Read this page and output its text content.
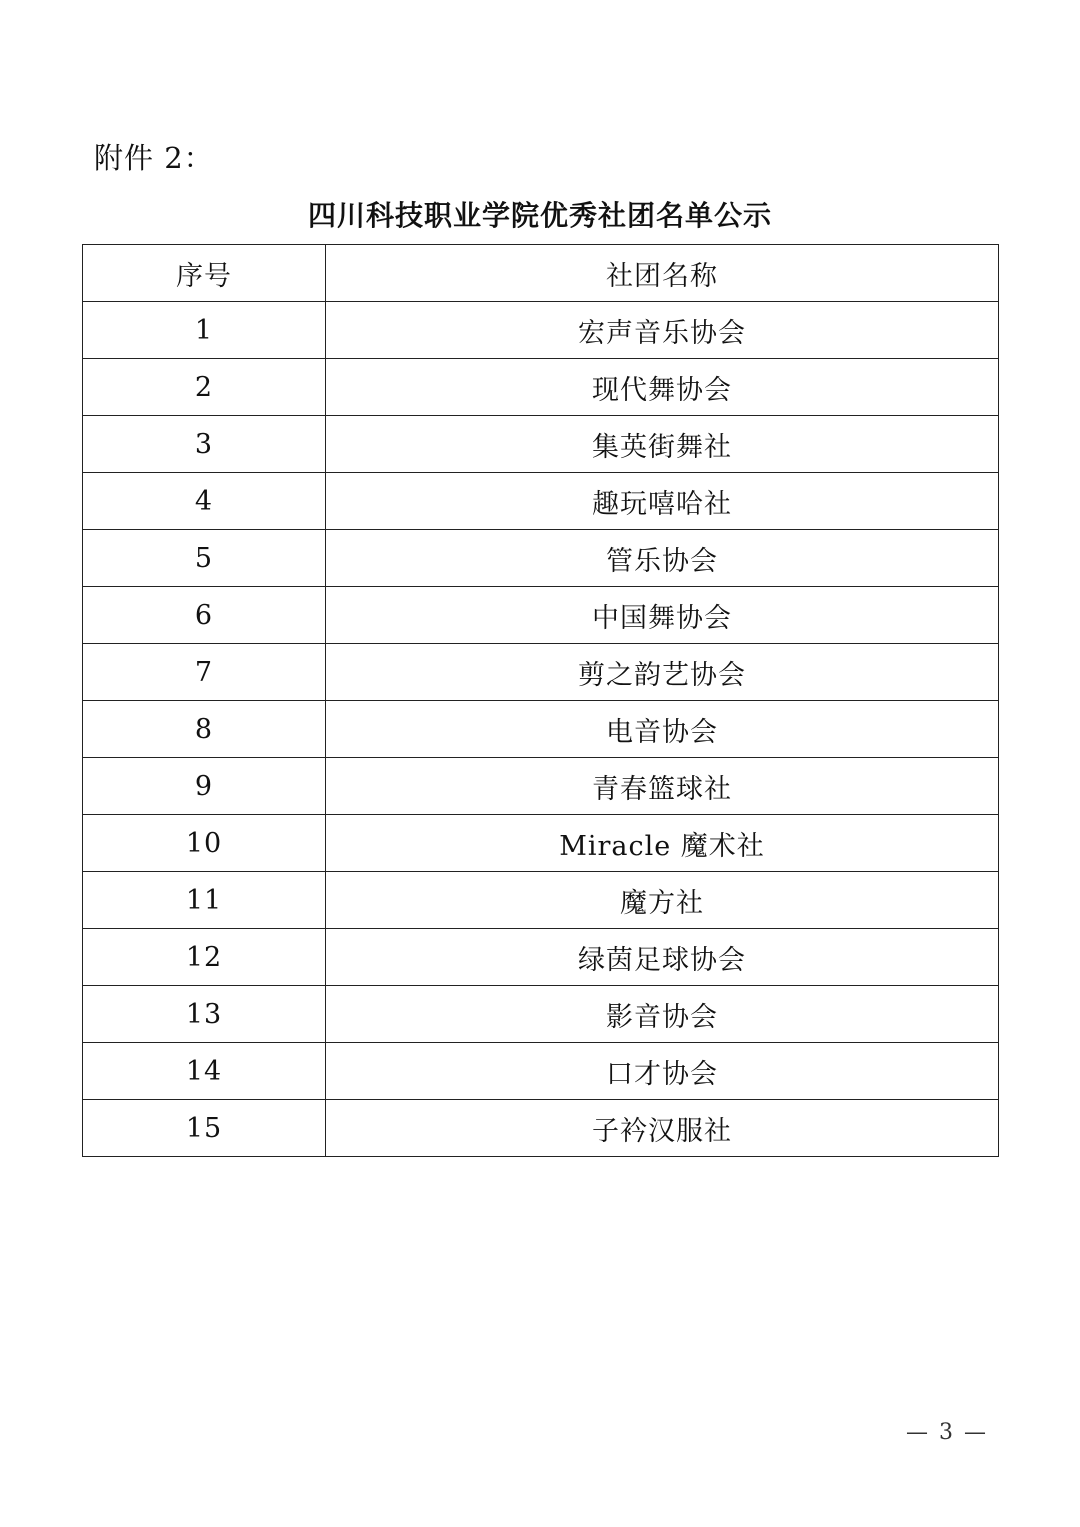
附件 2：
四川科技职业学院优秀社团名单公示
序号	社团名称
1	宏声音乐协会
2	现代舞协会
3	集英街舞社
4	趣玩嘻哈社
5	管乐协会
6	中国舞协会
7	剪之韵艺协会
8	电音协会
9	青春篮球社
10	Miracle 魔术社
11	魔方社
12	绿茵足球协会
13	影音协会
14	口才协会
15	子衿汉服社
— 3 —
